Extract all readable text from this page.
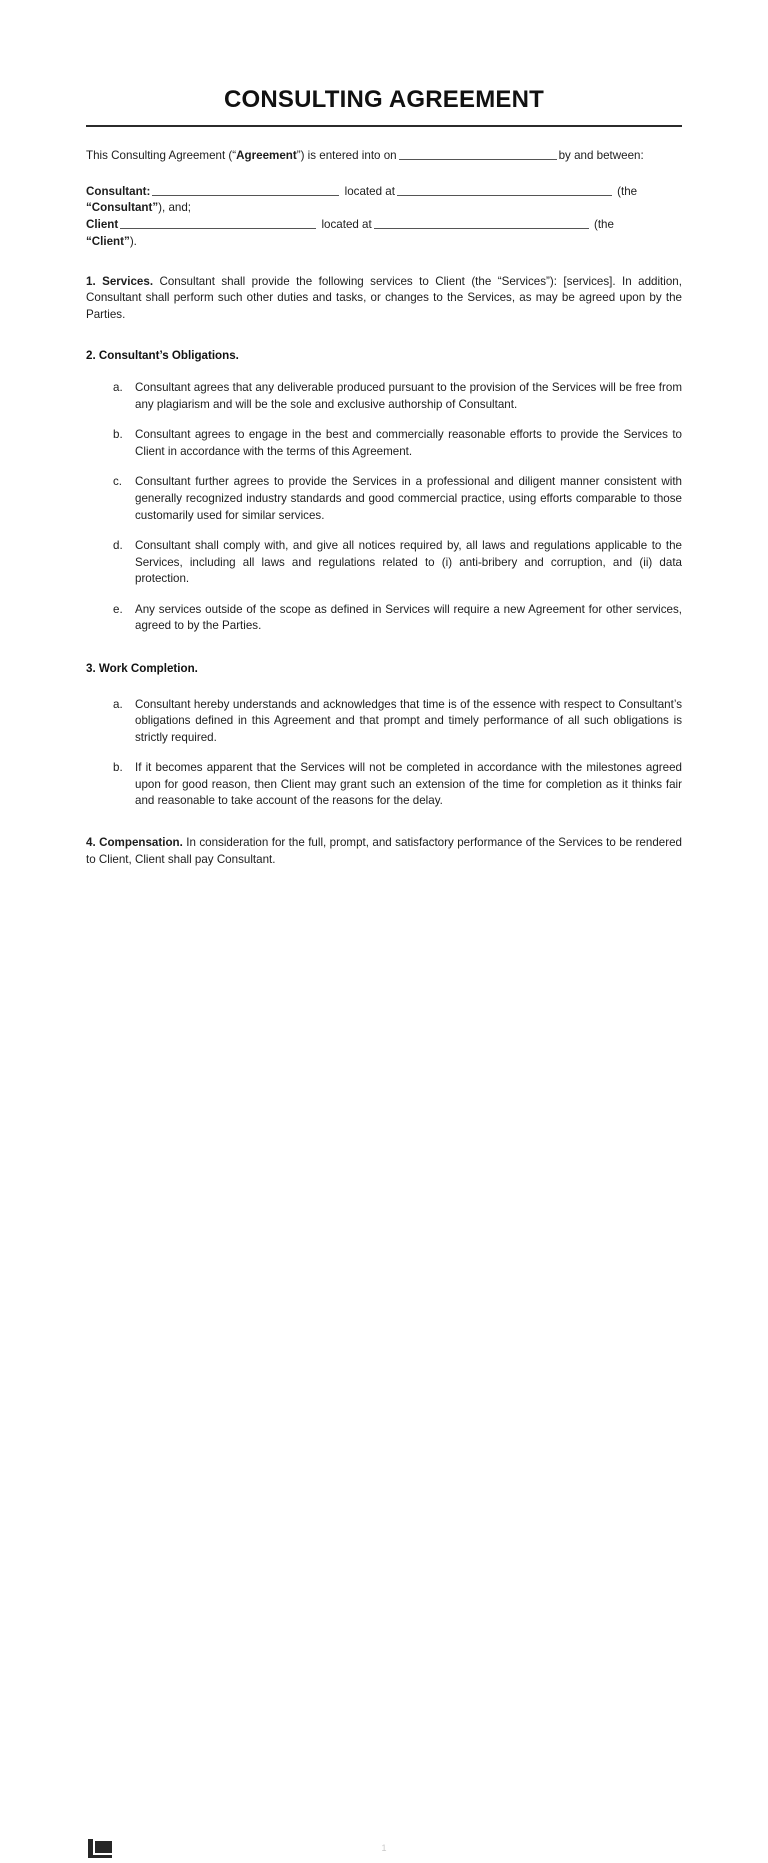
CONSULTING AGREEMENT

This Consulting Agreement (“Agreement”) is entered into on	by and between:

Consultant:	located at	(the
“Consultant”), and;
Client	located at	(the
“Client”).

1. Services. Consultant shall provide the following services to Client (the “Services”): [services]. In addition, Consultant shall perform such other duties and tasks, or changes to the Services, as may be agreed upon by the Parties.

2. Consultant’s Obligations.

a.	Consultant agrees that any deliverable produced pursuant to the provision of the Services will be free from any plagiarism and will be the sole and exclusive authorship of Consultant.
b.	Consultant agrees to engage in the best and commercially reasonable efforts to provide the Services to Client in accordance with the terms of this Agreement.
c.	Consultant further agrees to provide the Services in a professional and diligent manner consistent with generally recognized industry standards and good commercial practice, using efforts comparable to those customarily used for similar services.
d.	Consultant shall comply with, and give all notices required by, all laws and regulations applicable to the Services, including all laws and regulations related to (i) anti-bribery and corruption, and (ii) data protection.
e.	Any services outside of the scope as defined in Services will require a new Agreement for other services, agreed to by the Parties.

3. Work Completion.

a.	Consultant hereby understands and acknowledges that time is of the essence with respect to Consultant’s obligations defined in this Agreement and that prompt and timely performance of all such obligations is strictly required.
b.	If it becomes apparent that the Services will not be completed in accordance with the milestones agreed upon for good reason, then Client may grant such an extension of the time for completion as it thinks fair and reasonable to take account of the reasons for the delay.

4. Compensation. In consideration for the full, prompt, and satisfactory performance of the Services to be rendered to Client, Client shall pay Consultant.

1
